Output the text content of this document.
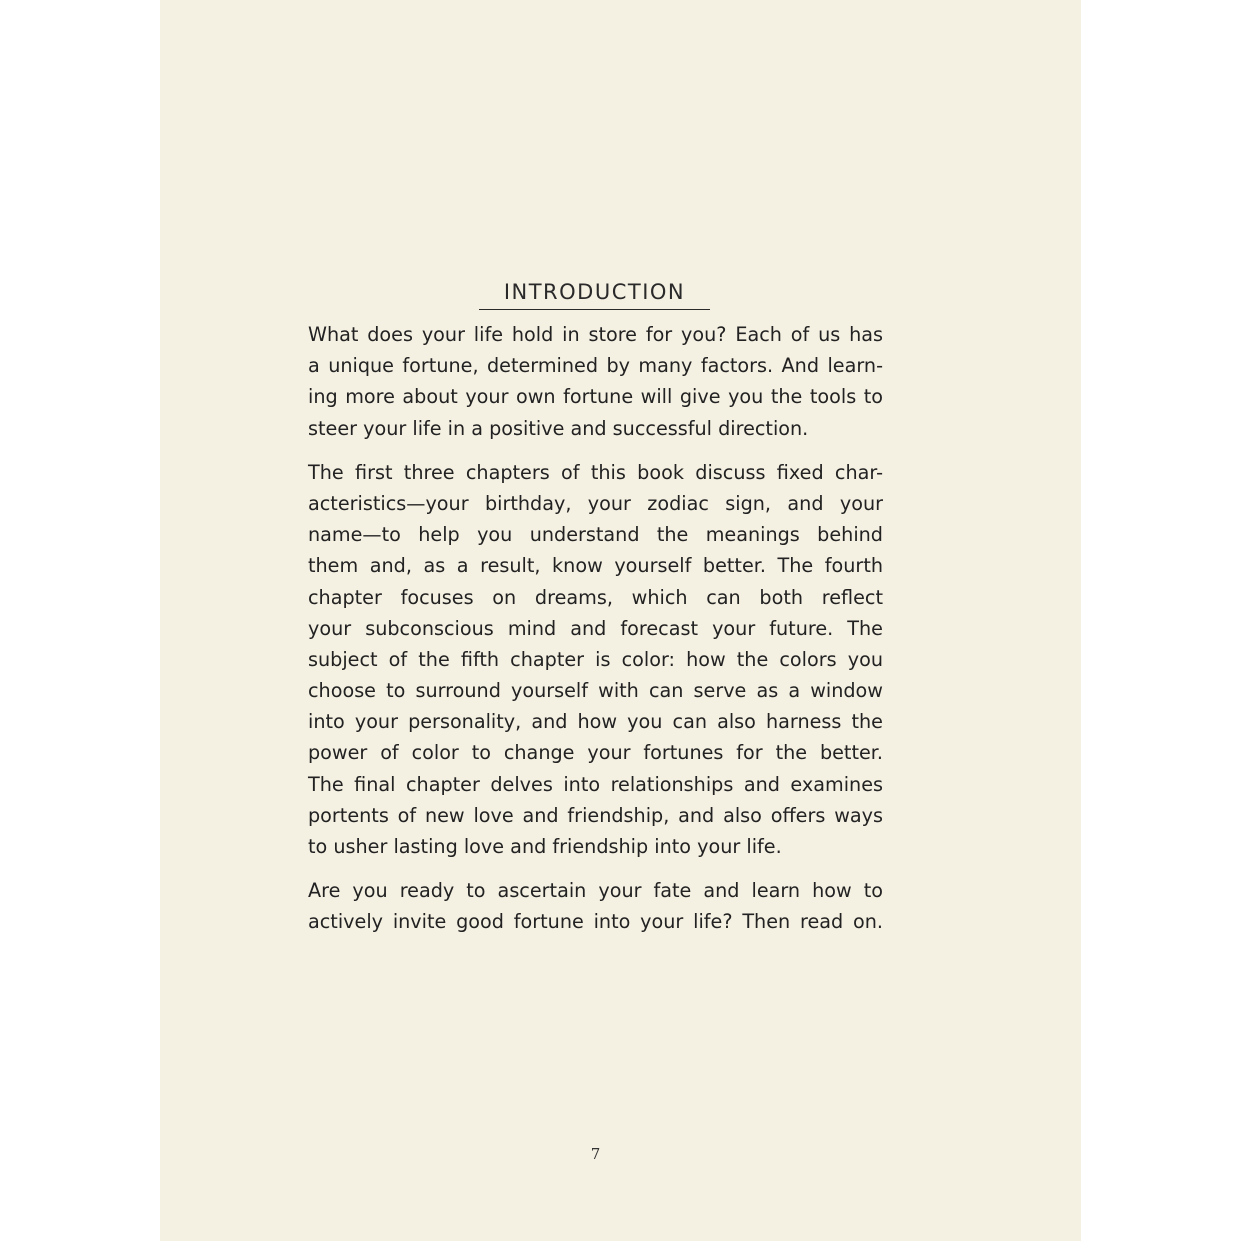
INTRODUCTION
What does your life hold in store for you? Each of us has
a unique fortune, determined by many factors. And learn-
ing more about your own fortune will give you the tools to
steer your life in a positive and successful direction.
The first three chapters of this book discuss fixed char-
acteristics—your birthday, your zodiac sign, and your
name—to help you understand the meanings behind
them and, as a result, know yourself better. The fourth
chapter focuses on dreams, which can both reflect
your subconscious mind and forecast your future. The
subject of the fifth chapter is color: how the colors you
choose to surround yourself with can serve as a window
into your personality, and how you can also harness the
power of color to change your fortunes for the better.
The final chapter delves into relationships and examines
portents of new love and friendship, and also offers ways
to usher lasting love and friendship into your life.
Are you ready to ascertain your fate and learn how to
actively invite good fortune into your life? Then read on.
7
